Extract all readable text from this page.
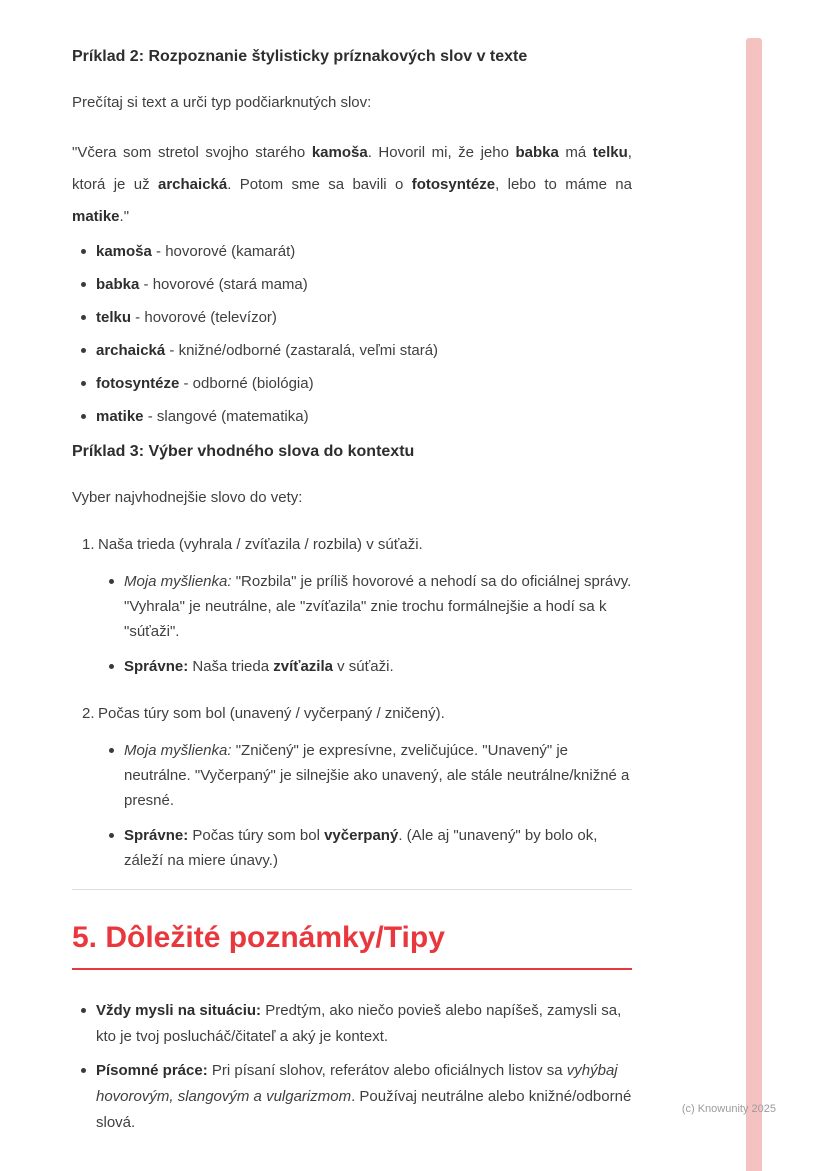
Príklad 2: Rozpoznanie štylisticky príznakových slov v texte

Prečítaj si text a urči typ podčiarknutých slov:

"Včera som stretol svojho starého kamoša. Hovoril mi, že jeho babka má telku, ktorá je už archaická. Potom sme sa bavili o fotosyntéze, lebo to máme na matike."

kamoša - hovorové (kamarát)
babka - hovorové (stará mama)
telku - hovorové (televízor)
archaická - knižné/odborné (zastaralá, veľmi stará)
fotosyntéze - odborné (biológia)
matike - slangové (matematika)
Príklad 3: Výber vhodného slova do kontextu

Vyber najvhodnejšie slovo do vety:

1. Naša trieda (vyhrala / zvíťazila / rozbila) v súťaži.
Moja myšlienka: "Rozbila" je príliš hovorové a nehodí sa do oficiálnej správy. "Vyhrala" je neutrálne, ale "zvíťazila" znie trochu formálnejšie a hodí sa k "súťaži".
Správne: Naša trieda zvíťazila v súťaži.
2. Počas túry som bol (unavený / vyčerpaný / zničený).
Moja myšlienka: "Zničený" je expresívne, zveličujúce. "Unavený" je neutrálne. "Vyčerpaný" je silnejšie ako unavený, ale stále neutrálne/knižné a presné.
Správne: Počas túry som bol vyčerpaný. (Ale aj "unavený" by bolo ok, záleží na miere únavy.)
5. Dôležité poznámky/Tipy
Vždy mysli na situáciu: Predtým, ako niečo povieš alebo napíšeš, zamysli sa, kto je tvoj poslucháč/čitateľ a aký je kontext.
Písomné práce: Pri písaní slohov, referátov alebo oficiálnych listov sa vyhýbaj hovorovým, slangovým a vulgarizmom. Používaj neutrálne alebo knižné/odborné slová.
(c) Knowunity 2025
